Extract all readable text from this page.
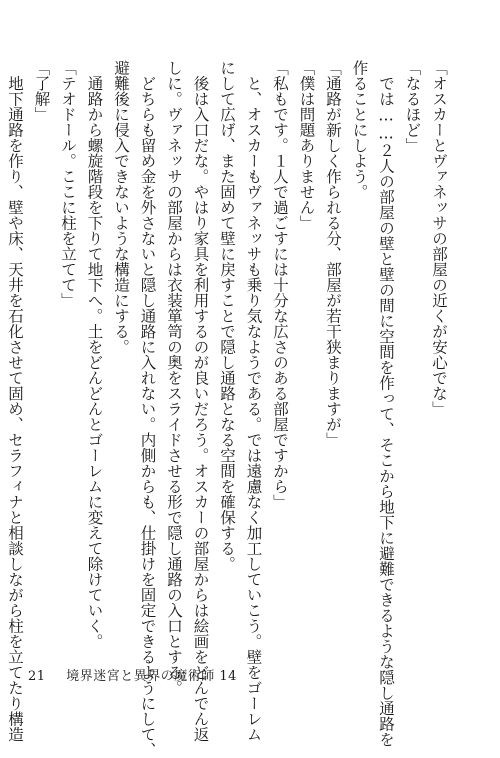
「オスカーとヴァネッサの部屋の近くが安心でな」
「なるほど」
　では……２人の部屋の壁と壁の間に空間を作って、そこから地下に避難できるような隠し通路を
作ることにしよう。
「通路が新しく作られる分、部屋が若干狭まりますが」
「僕は問題ありません」
「私もです。１人で過ごすには十分な広さのある部屋ですから」
　と、オスカーもヴァネッサも乗り気なようである。では遠慮なく加工していこう。壁をゴーレム
にして広げ、また固めて壁に戻すことで隠し通路となる空間を確保する。
　後は入口だな。やはり家具を利用するのが良いだろう。オスカーの部屋からは絵画をどんでん返
しに。ヴァネッサの部屋からは衣装箪笥の奥をスライドさせる形で隠し通路の入口とする。
　どちらも留め金を外さないと隠し通路に入れない。内側からも、仕掛けを固定できるようにして、
避難後に侵入できないような構造にする。
　通路から螺旋階段を下りて地下へ。土をどんどんとゴーレムに変えて除けていく。
「テオドール。ここに柱を立てて」
「了解」
　地下通路を作り、壁や床、天井を石化させて固め、セラフィナと相談しながら柱を立てたり構造 21 境界迷宮と異界の魔術師 14
